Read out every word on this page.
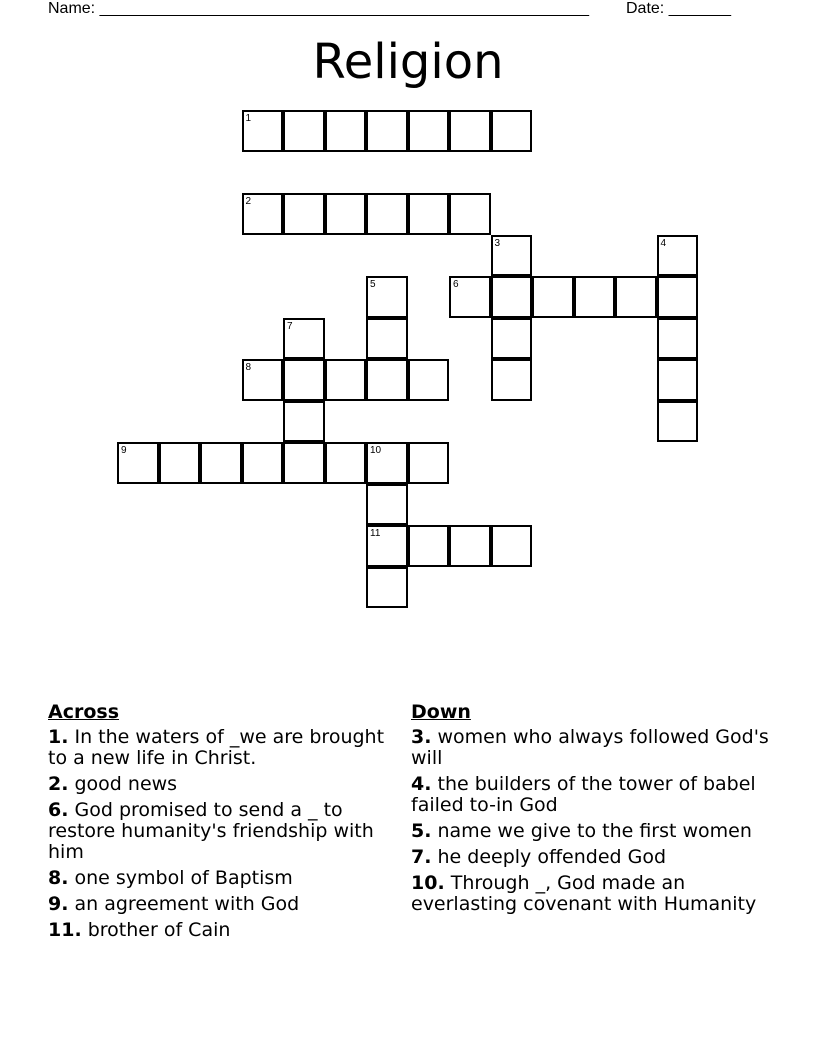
Name: _______________________________________________________ Date: _______
Religion
1
2
3	4
5	6
7
8
9	10
11
Across
1. In the waters of _we are brought to a new life in Christ.
2. good news
6. God promised to send a _ to restore humanity's friendship with him
8. one symbol of Baptism
9. an agreement with God
11. brother of Cain
Down
3. women who always followed God's will
4. the builders of the tower of babel failed to-in God
5. name we give to the first women
7. he deeply offended God
10. Through _, God made an everlasting covenant with Humanity
